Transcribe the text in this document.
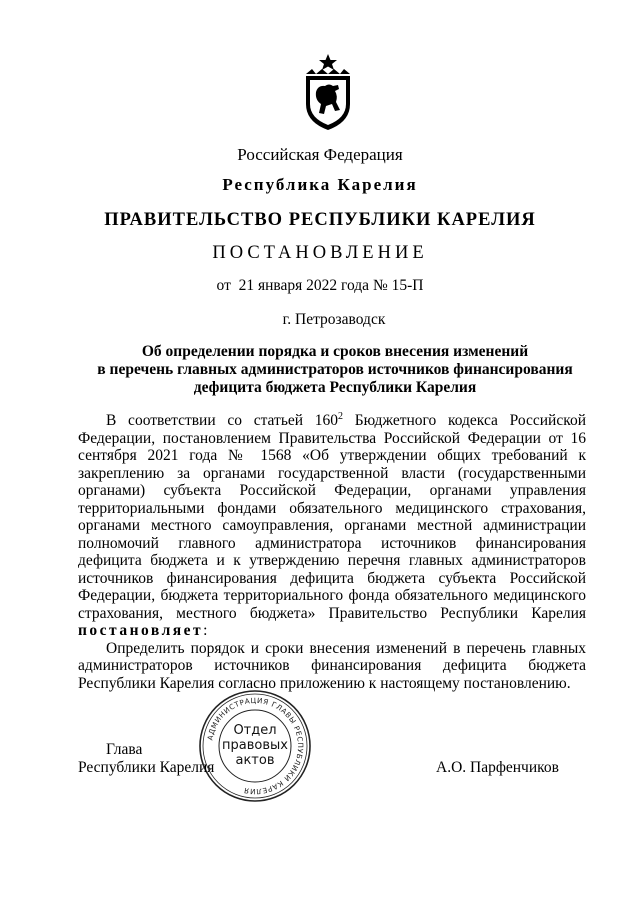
Российская Федерация
Республика Карелия
ПРАВИТЕЛЬСТВО РЕСПУБЛИКИ КАРЕЛИЯ
ПОСТАНОВЛЕНИЕ
от  21 января 2022 года № 15-П
г. Петрозаводск
Об определении порядка и сроков внесения изменений
в перечень главных администраторов источников финансирования
дефицита бюджета Республики Карелия

В соответствии со статьей $160^2$ Бюджетного кодекса Российской Федерации, постановлением Правительства Российской Федерации от 16 сентября 2021 года № 1568 «Об утверждении общих требований к закреплению за органами государственной власти (государственными органами) субъекта Российской Федерации, органами управления территориальными фондами обязательного медицинского страхования, органами местного самоуправления, органами местной администрации полномочий главного администратора источников финансирования дефицита бюджета и к утверждению перечня главных администраторов источников финансирования дефицита бюджета субъекта Российской Федерации, бюджета территориального фонда обязательного медицинского страхования, местного бюджета» Правительство Республики Карелия постановляет:

Определить порядок и сроки внесения изменений в перечень главных администраторов источников финансирования дефицита бюджета Республики Карелия согласно приложению к настоящему постановлению.

АДМИНИСТРАЦИЯ ГЛАВЫ РЕСПУБЛИКИ КАРЕЛИЯ
Отдел
правовых
актов
Глава
Республики Карелия	А.О. Парфенчиков
